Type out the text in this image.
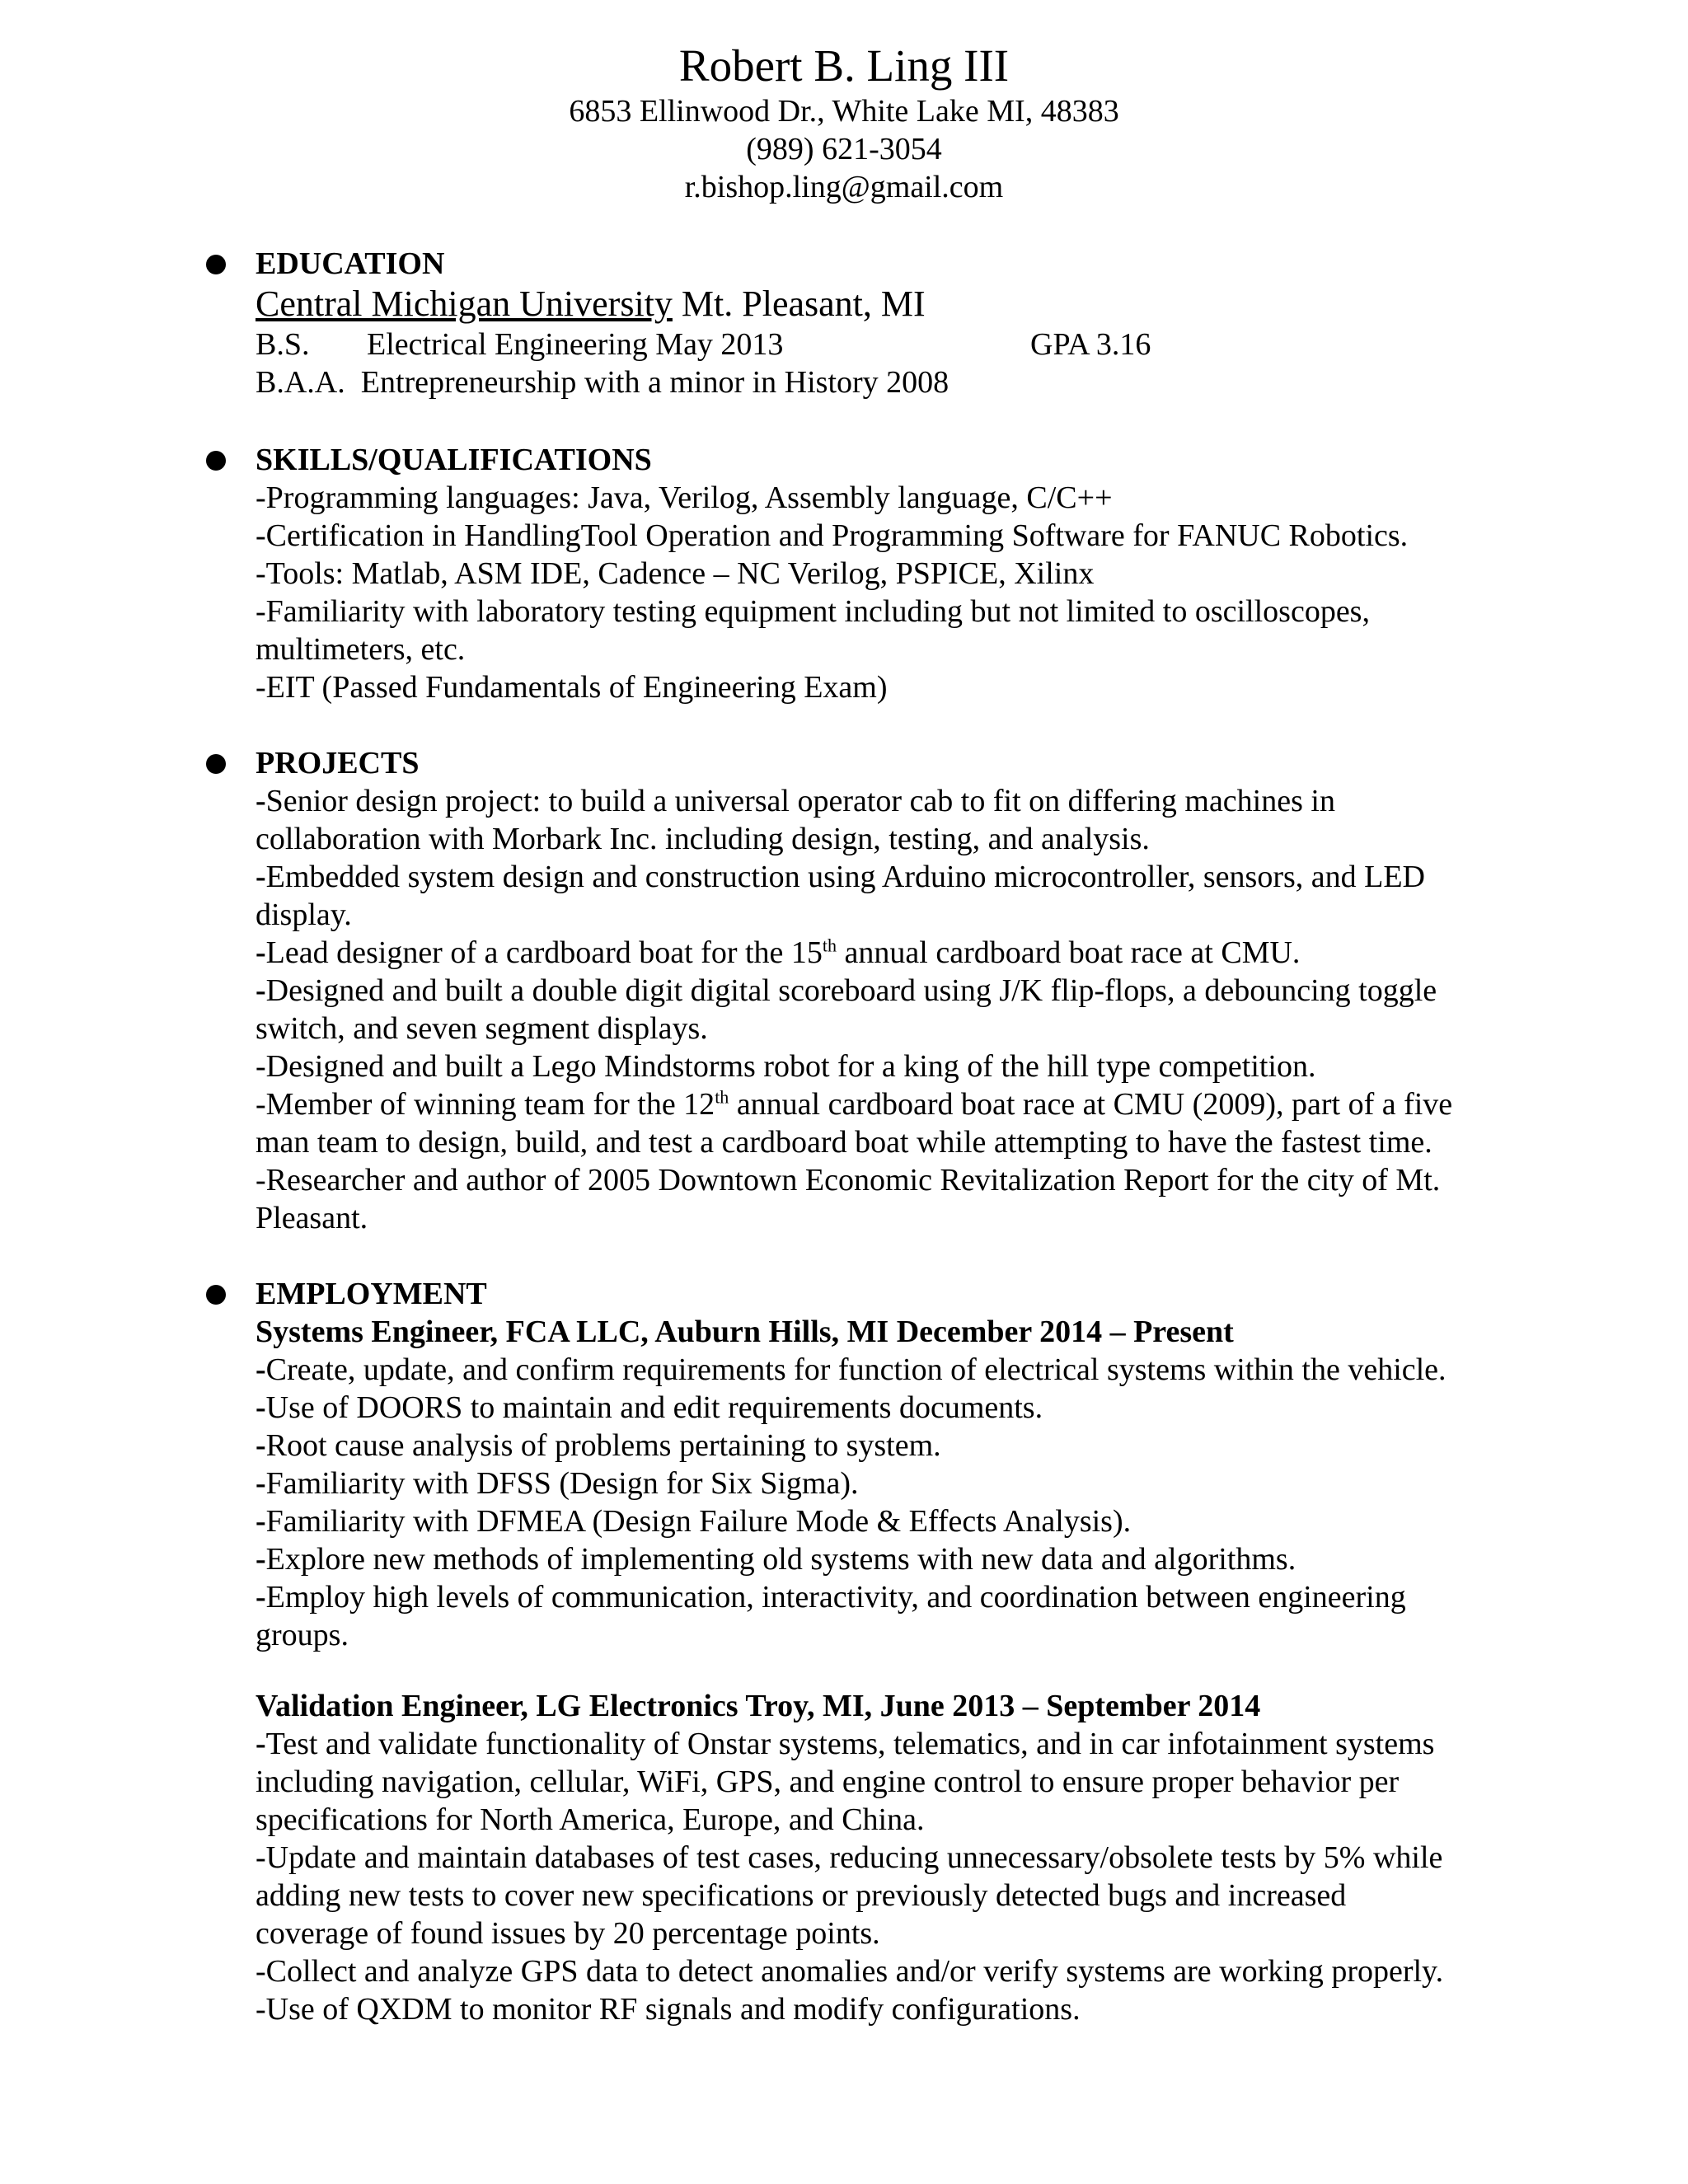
Robert B. Ling III
6853 Ellinwood Dr., White Lake MI, 48383
(989) 621-3054
r.bishop.ling@gmail.com
EDUCATION
Central Michigan University Mt. Pleasant, MI
B.S. Electrical Engineering May 2013	GPA 3.16
B.A.A. Entrepreneurship with a minor in History 2008
SKILLS/QUALIFICATIONS
-Programming languages: Java, Verilog, Assembly language, C/C++
-Certification in HandlingTool Operation and Programming Software for FANUC Robotics.
-Tools: Matlab, ASM IDE, Cadence – NC Verilog, PSPICE, Xilinx
-Familiarity with laboratory testing equipment including but not limited to oscilloscopes,
multimeters, etc.
-EIT (Passed Fundamentals of Engineering Exam)
PROJECTS
-Senior design project: to build a universal operator cab to fit on differing machines in
collaboration with Morbark Inc. including design, testing, and analysis.
-Embedded system design and construction using Arduino microcontroller, sensors, and LED
display.
-Lead designer of a cardboard boat for the 15th annual cardboard boat race at CMU.
-Designed and built a double digit digital scoreboard using J/K flip-flops, a debouncing toggle
switch, and seven segment displays.
-Designed and built a Lego Mindstorms robot for a king of the hill type competition.
-Member of winning team for the 12th annual cardboard boat race at CMU (2009), part of a five
man team to design, build, and test a cardboard boat while attempting to have the fastest time.
-Researcher and author of 2005 Downtown Economic Revitalization Report for the city of Mt.
Pleasant.
EMPLOYMENT
Systems Engineer, FCA LLC, Auburn Hills, MI December 2014 – Present
-Create, update, and confirm requirements for function of electrical systems within the vehicle.
-Use of DOORS to maintain and edit requirements documents.
-Root cause analysis of problems pertaining to system.
-Familiarity with DFSS (Design for Six Sigma).
-Familiarity with DFMEA (Design Failure Mode & Effects Analysis).
-Explore new methods of implementing old systems with new data and algorithms.
-Employ high levels of communication, interactivity, and coordination between engineering
groups.
Validation Engineer, LG Electronics Troy, MI, June 2013 – September 2014
-Test and validate functionality of Onstar systems, telematics, and in car infotainment systems
including navigation, cellular, WiFi, GPS, and engine control to ensure proper behavior per
specifications for North America, Europe, and China.
-Update and maintain databases of test cases, reducing unnecessary/obsolete tests by 5% while
adding new tests to cover new specifications or previously detected bugs and increased
coverage of found issues by 20 percentage points.
-Collect and analyze GPS data to detect anomalies and/or verify systems are working properly.
-Use of QXDM to monitor RF signals and modify configurations.
